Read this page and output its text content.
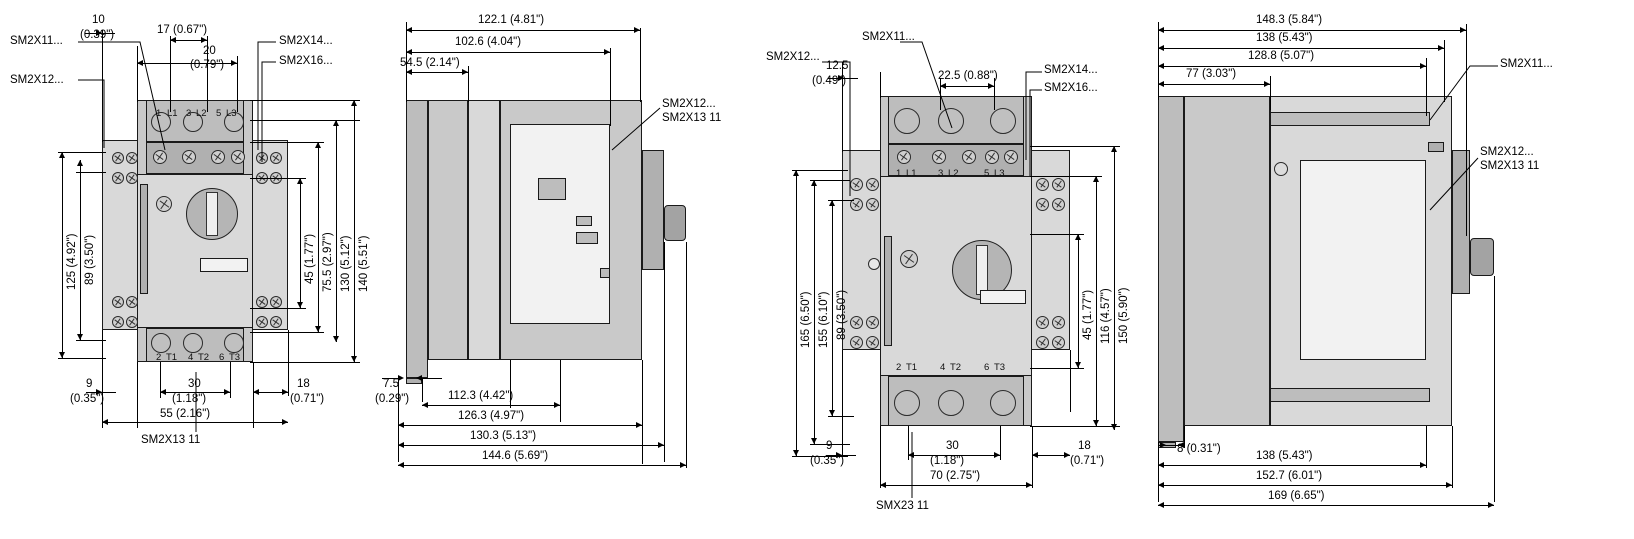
10
(0.39")	17 (0.67")
20
(0.79")
125 (4.92") 89 (3.50")	45 (1.77") 75.5 (2.97") 130 (5.12") 140 (5.51")
9
(0.35")
30
(1.18")
18
(0.71")
55 (2.16")
1 L1 3 L2 5 L3
2 T1 4 T2 6 T3
SM2X11...
SM2X12...
SM2X14...
SM2X16...
SM2X13 11
122.1 (4.81")
102.6 (4.04")
54.5 (2.14")
7.5
(0.29")	112.3 (4.42")
126.3 (4.97")
130.3 (5.13")
144.6 (5.69")
SM2X12...
SM2X13 11
12.5
(0.49")	22.5 (0.88")
165 (6.50") 155 (6.10") 89 (3.50")	45 (1.77") 116 (4.57") 150 (5.90")
9
(0.35")
30
(1.18")
18
(0.71")
70 (2.75")
1 L1 3 L2	5 L3
2 T1 4 T2 6 T3
SM2X11...
SM2X12...
SM2X14...
SM2X16...
SMX23 11
148.3 (5.84")
138 (5.43")
128.8 (5.07")
77 (3.03")
8 (0.31")
138 (5.43")
152.7 (6.01")
169 (6.65")
SM2X11...
SM2X12...
SM2X13 11
